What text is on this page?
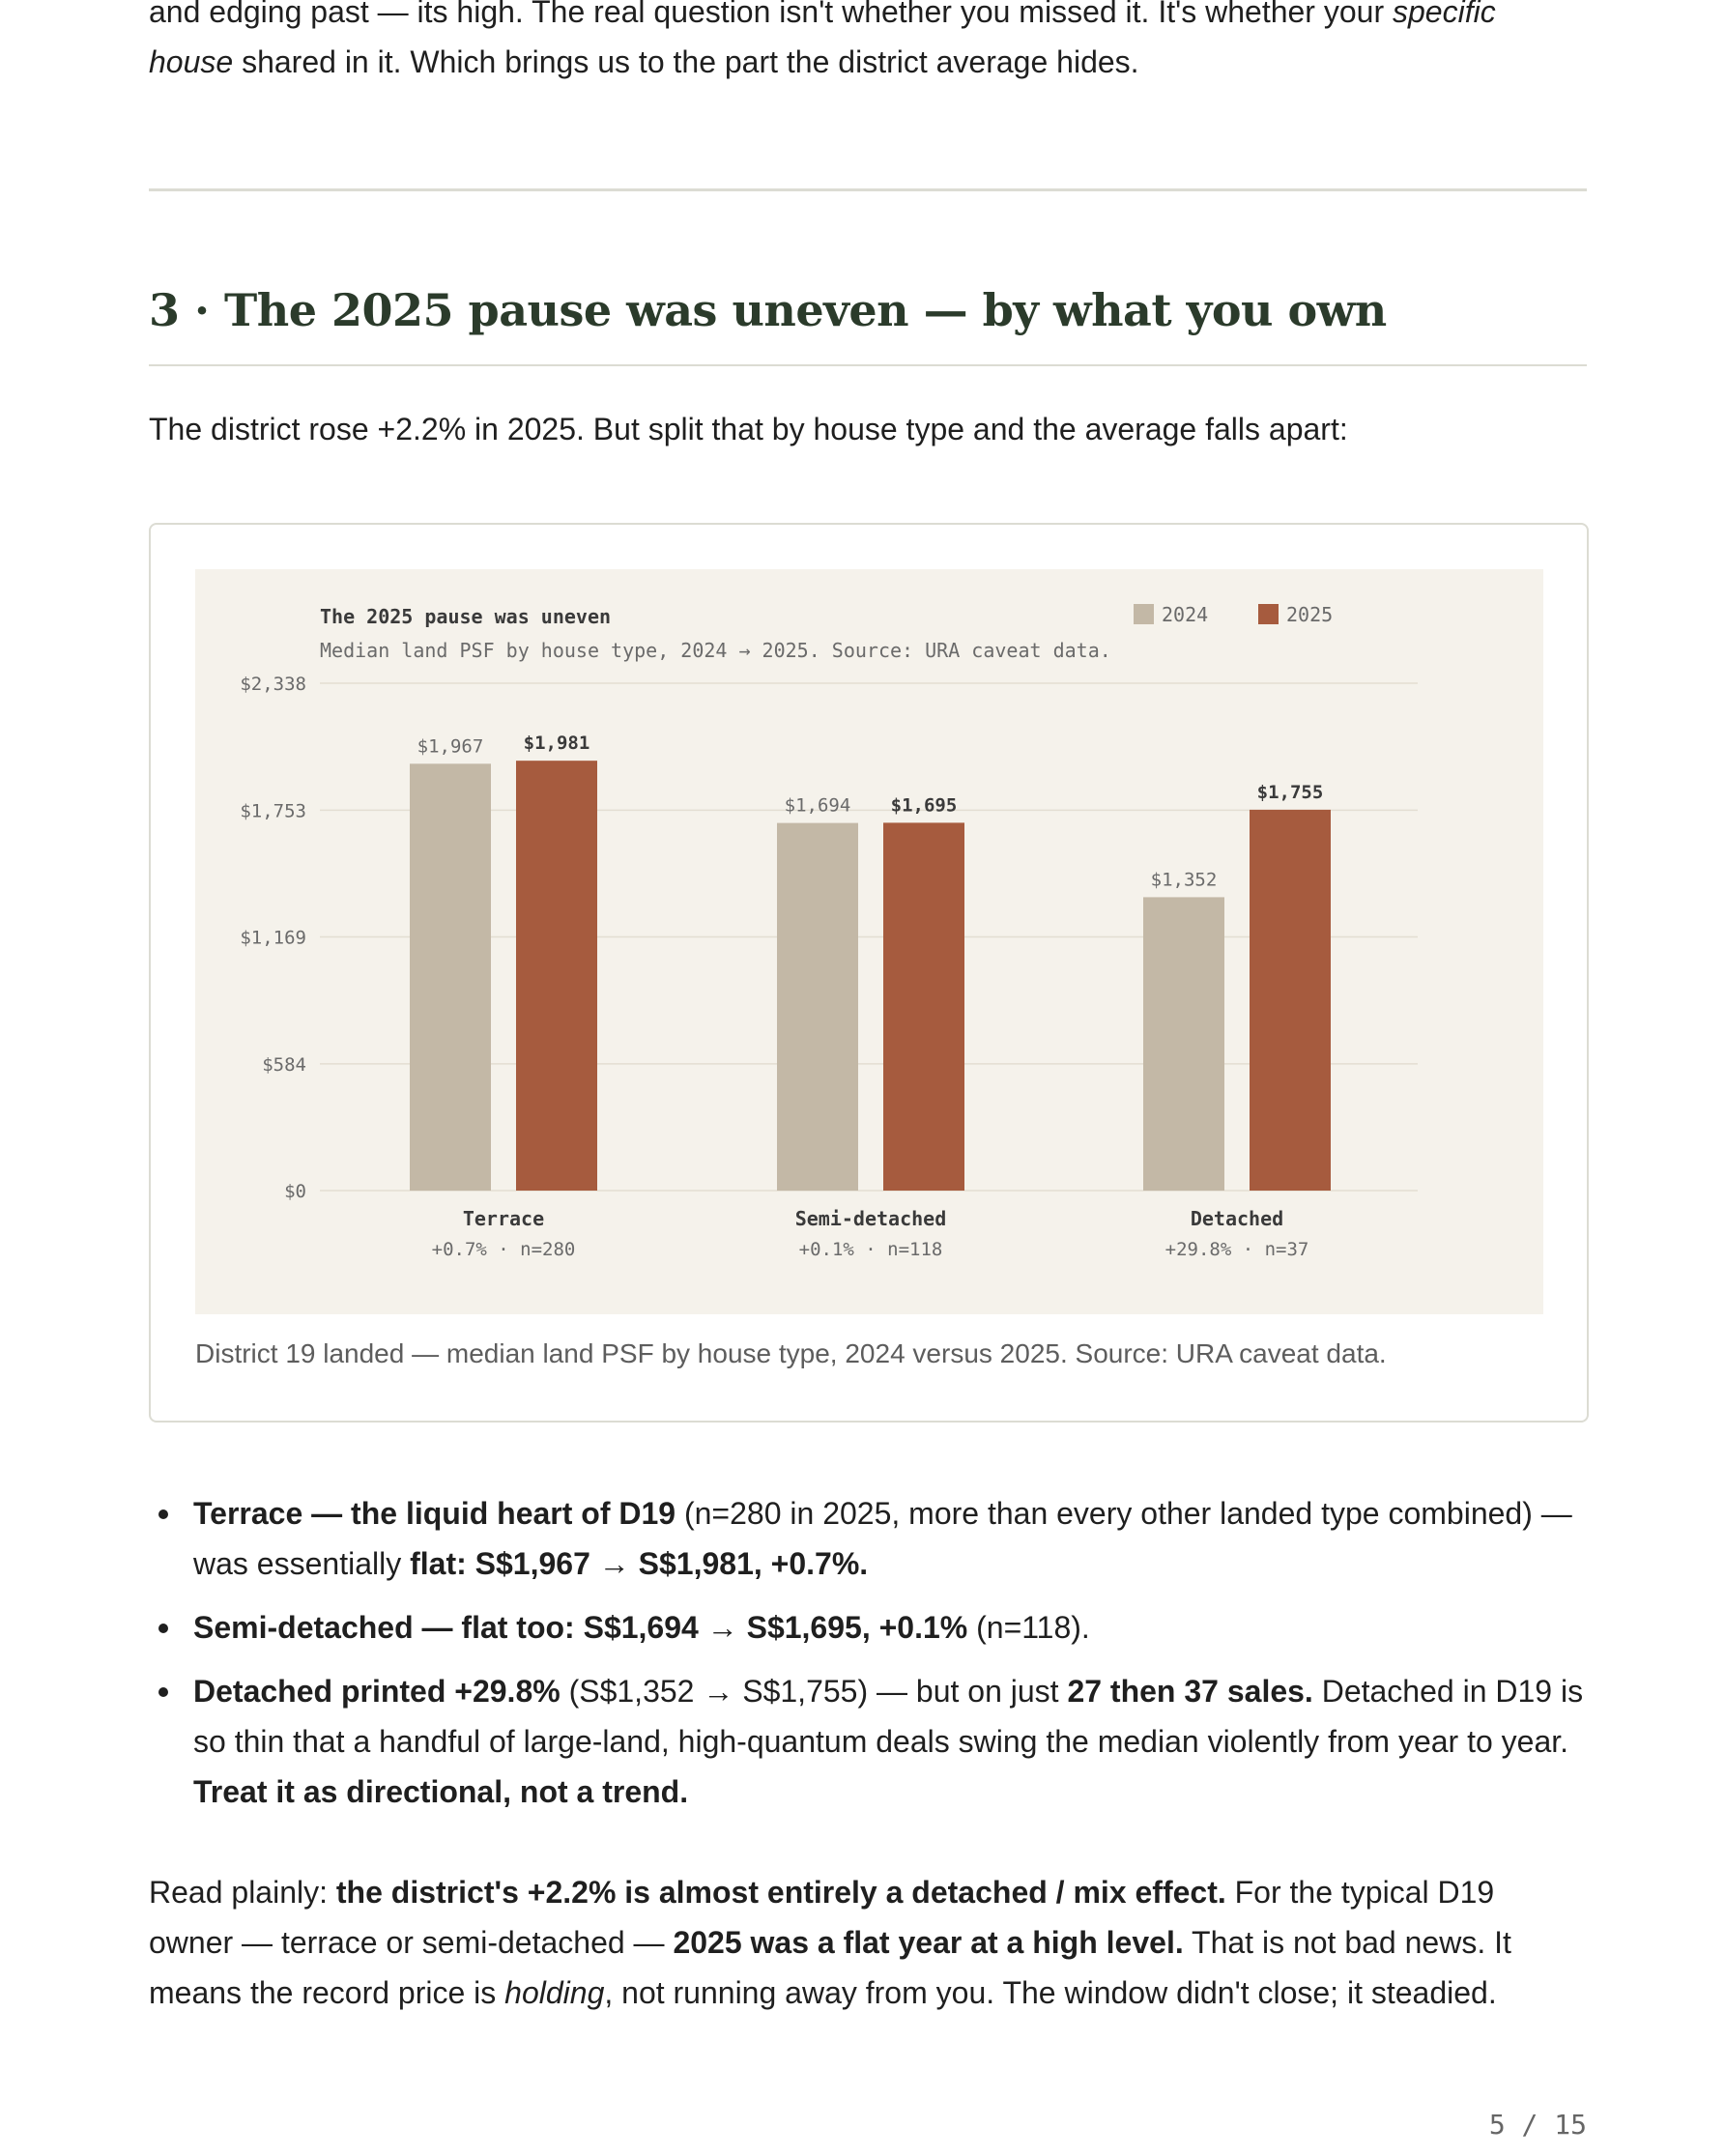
and edging past — its high. The real question isn't whether you missed it. It's whether your specific house shared in it. Which brings us to the part the district average hides.

3 · The 2025 pause was uneven — by what you own

The district rose +2.2% in 2025. But split that by house type and the average falls apart:

The 2025 pause was uneven
Median land PSF by house type, 2024 → 2025. Source: URA caveat data.
$0
$584
$1,169
$1,753
$2,338
$1,967 $1,981
Terrace
+0.7% · n=280
$1,694 $1,695
Semi-detached
+0.1% · n=118
$1,352
$1,755
Detached
+29.8% · n=37
2024	2025

District 19 landed — median land PSF by house type, 2024 versus 2025. Source: URA caveat data.

Terrace — the liquid heart of D19 (n=280 in 2025, more than every other landed type combined) — was essentially flat: S$1,967 → S$1,981, +0.7%.
Semi-detached — flat too: S$1,694 → S$1,695, +0.1% (n=118).
Detached printed +29.8% (S$1,352 → S$1,755) — but on just 27 then 37 sales. Detached in D19 is so thin that a handful of large-land, high-quantum deals swing the median violently from year to year. Treat it as directional, not a trend.

Read plainly: the district's +2.2% is almost entirely a detached / mix effect. For the typical D19 owner — terrace or semi-detached — 2025 was a flat year at a high level. That is not bad news. It means the record price is holding, not running away from you. The window didn't close; it steadied.

5 / 15
